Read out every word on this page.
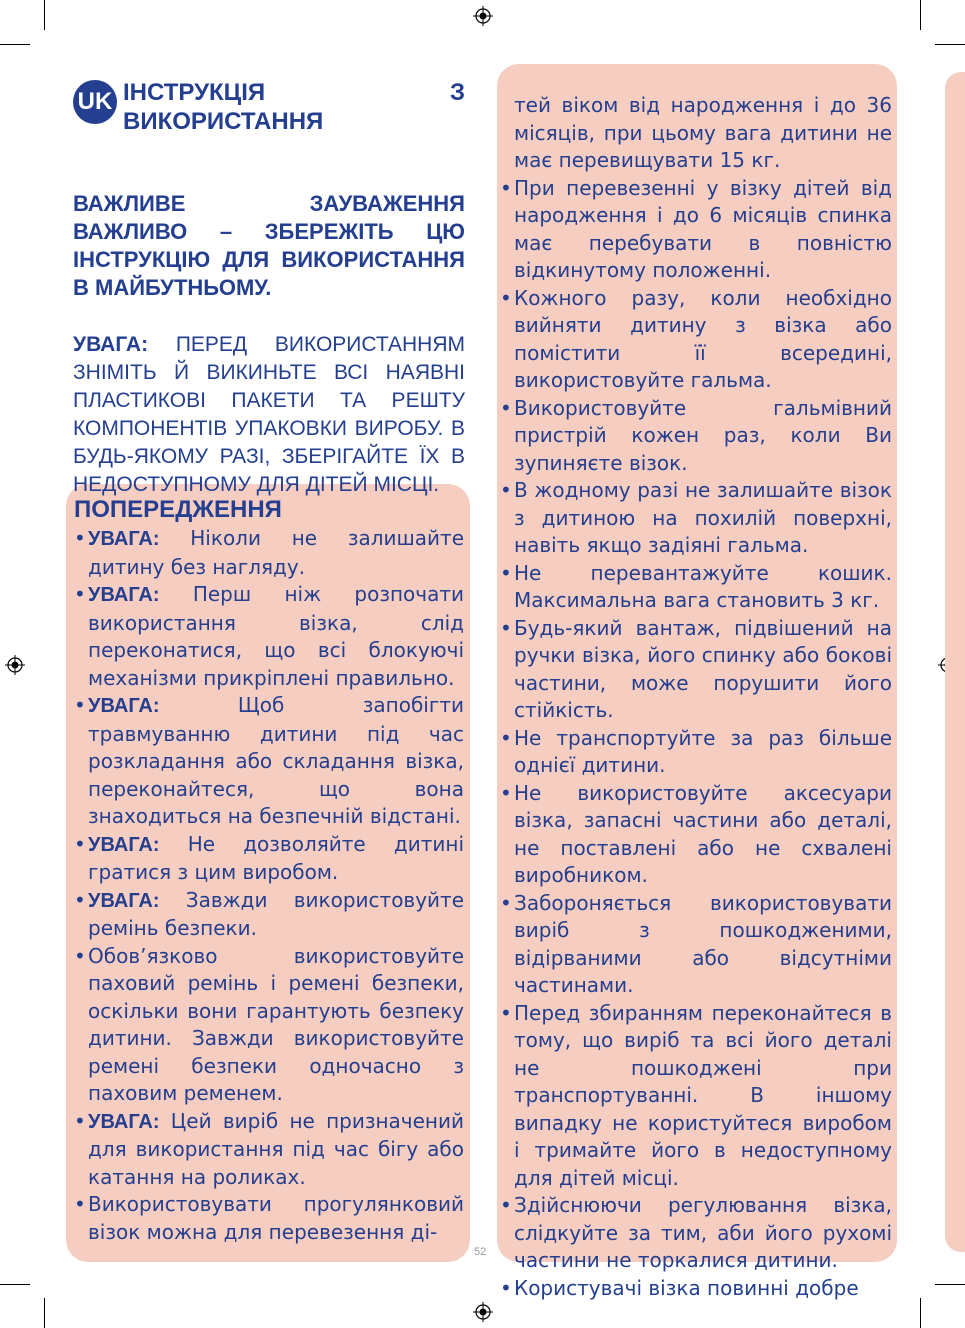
UK ІНСТРУКЦІЯ З ВИКОРИСТАННЯ
ВАЖЛИВЕ ЗАУВАЖЕННЯ ВАЖЛИВО – ЗБЕРЕЖІТЬ ЦЮ ІНСТРУКЦІЮ ДЛЯ ВИКОРИСТАННЯ В МАЙБУТНЬОМУ.
УВАГА: ПЕРЕД ВИКОРИСТАННЯМ ЗНІМІТЬ Й ВИКИНЬТЕ ВСІ НАЯВНІ ПЛАСТИКОВІ ПАКЕТИ ТА РЕШТУ КОМПОНЕНТІВ УПАКОВКИ ВИРОБУ. В БУДЬ-ЯКОМУ РАЗІ, ЗБЕРІГАЙТЕ ЇХ В НЕДОСТУПНОМУ ДЛЯ ДІТЕЙ МІСЦІ.
ПОПЕРЕДЖЕННЯ
• УВАГА: Ніколи не залишайте дитину без нагляду.
• УВАГА: Перш ніж розпочати використання візка, слід переконатися, що всі блокуючі механізми прикріплені правильно.
• УВАГА:	Щоб запобігти травмуванню дитини під час розкладання або складання візка, переконайтеся, що вона знаходиться на безпечній відстані.
• УВАГА: Не дозволяйте дитині гратися з цим виробом.
• УВАГА: Завжди використовуйте ремінь безпеки.
• Обов’язково використовуйте паховий ремінь і ремені безпеки, оскільки вони гарантують безпеку дитини. Завжди використовуйте ремені безпеки одночасно з паховим ременем.
• УВАГА: Цей виріб не призначений для використання під час бігу або катання на роликах.
• Використовувати прогулянковий візок можна для перевезення ді-
тей віком від народження і до 36 місяців, при цьому вага дитини не має перевищувати 15 кг.
• При перевезенні у візку дітей від народження і до 6 місяців спинка має перебувати в повністю відкинутому положенні.
• Кожного разу, коли необхідно вийняти дитину з візка або помістити її всередині, використовуйте гальма.
• Використовуйте гальмівний пристрій кожен раз, коли Ви зупиняєте візок.
• В жодному разі не залишайте візок з дитиною на похилій поверхні, навіть якщо задіяні гальма.
• Не перевантажуйте кошик. Максимальна вага становить 3 кг.
• Будь-який вантаж, підвішений на ручки візка, його спинку або бокові частини, може порушити його стійкість.
• Не транспортуйте за раз більше однієї дитини.
• Не використовуйте аксесуари візка, запасні частини або деталі, не поставлені або не схвалені виробником.
• Забороняється використовувати виріб з пошкодженими, відірваними або відсутніми частинами.
• Перед збиранням переконайтеся в тому, що виріб та всі його деталі не пошкоджені при транспортуванні. В іншому випадку не користуйтеся виробом і тримайте його в недоступному для дітей місці.
• Здійснюючи регулювання візка, слідкуйте за тим, аби його рухомі частини не торкалися дитини.
• Користувачі візка повинні добре
52
